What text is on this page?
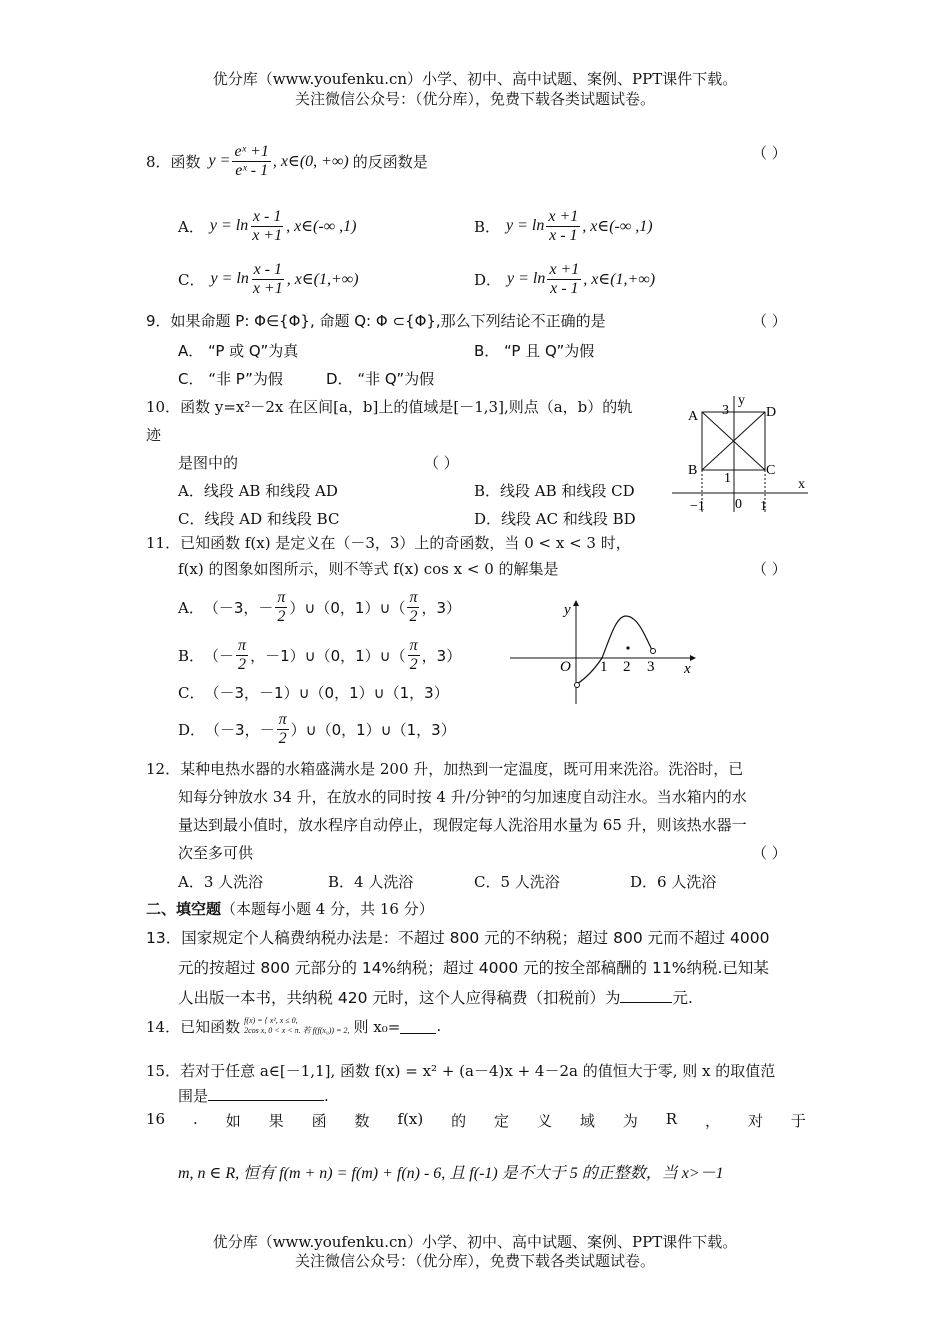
优分库（www.youfenku.cn）小学、初中、高中试题、案例、PPT课件下载。
关注微信公众号：（优分库），免费下载各类试题试卷。
8．函数 $y = \frac{\text{eˣ +1}}{\text{eˣ - 1}}$ , x∈(0, +∞) 的反函数是	（ ）
A． $y = \ln \frac{x - 1}{x +1}$ , x∈(-∞ ,1)	B． $y = \ln \frac{x +1}{x - 1}$ , x∈(-∞ ,1)
C． $y = \ln \frac{x - 1}{x +1}$ , x∈(1,+∞)	D． $y = \ln \frac{x +1}{x - 1}$ , x∈(1,+∞)
9．如果命题 P: Φ∈{Φ}, 命题 Q: Φ ⊂{Φ},那么下列结论不正确的是	（ ）
A． “P 或 Q”为真	B． “P 且 Q”为假
C． “非 P”为假	D． “非 Q”为假
10．函数 y=x²－2x 在区间[a，b]上的值域是[－1,3],则点（a，b）的轨
迹
是图中的	（ ）
A．线段 AB 和线段 AD	B．线段 AB 和线段 CD
C．线段 AD 和线段 BC	D．线段 AC 和线段 BD
A
B	C
D
y
x
3
1
−1 0 1
11．已知函数 f(x) 是定义在（－3，3）上的奇函数，当 0 < x < 3 时，
f(x) 的图象如图所示，则不等式 f(x) cos x < 0 的解集是	（ ）
A． （－3，－ $\frac{\pi}{2}$ ）∪（0，1）∪（ $\frac{\pi}{2}$ ，3）
B． （－ $\frac{\pi}{2}$ ，－1）∪（0，1）∪（ $\frac{\pi}{2}$ ，3）
C． （－3，－1）∪（0，1）∪（1，3）
D． （－3，－ $\frac{\pi}{2}$ ）∪（0，1）∪（1，3）
y
x
O 1 2 3
12．某种电热水器的水箱盛满水是 200 升，加热到一定温度，既可用来洗浴。洗浴时，已
知每分钟放水 34 升，在放水的同时按 4 升/分钟²的匀加速度自动注水。当水箱内的水
量达到最小值时，放水程序自动停止，现假定每人洗浴用水量为 65 升，则该热水器一
次至多可供	（ ）
A．3 人洗浴	B．4 人洗浴	C．5 人洗浴	D．6 人洗浴
二、填空题（本题每小题 4 分，共 16 分）
13．国家规定个人稿费纳税办法是：不超过 800 元的不纳税；超过 800 元而不超过 4000
元的按超过 800 元部分的 14%纳税；超过 4000 元的按全部稿酬的 11%纳税.已知某
人出版一本书，共纳税 420 元时，这个人应得稿费（扣税前）为	元.
14．已知函数 f(x) = { x², x ≤ 0,
2cos x, 0 < x < π. 若 f(f(x₀)) = 2, 则 x₀= .
15．若对于任意 a∈[－1,1], 函数 f(x) = x² + (a－4)x + 4－2a 的值恒大于零, 则 x 的取值范
围是	.
16 . 如 果 函 数 f(x) 的 定 义 域 为 R ， 对 于
m, n ∈ R, 恒有 f(m + n) = f(m) + f(n) - 6, 且 f(-1) 是不大于 5 的正整数，当 x>－1
优分库（www.youfenku.cn）小学、初中、高中试题、案例、PPT课件下载。
关注微信公众号：（优分库），免费下载各类试题试卷。
